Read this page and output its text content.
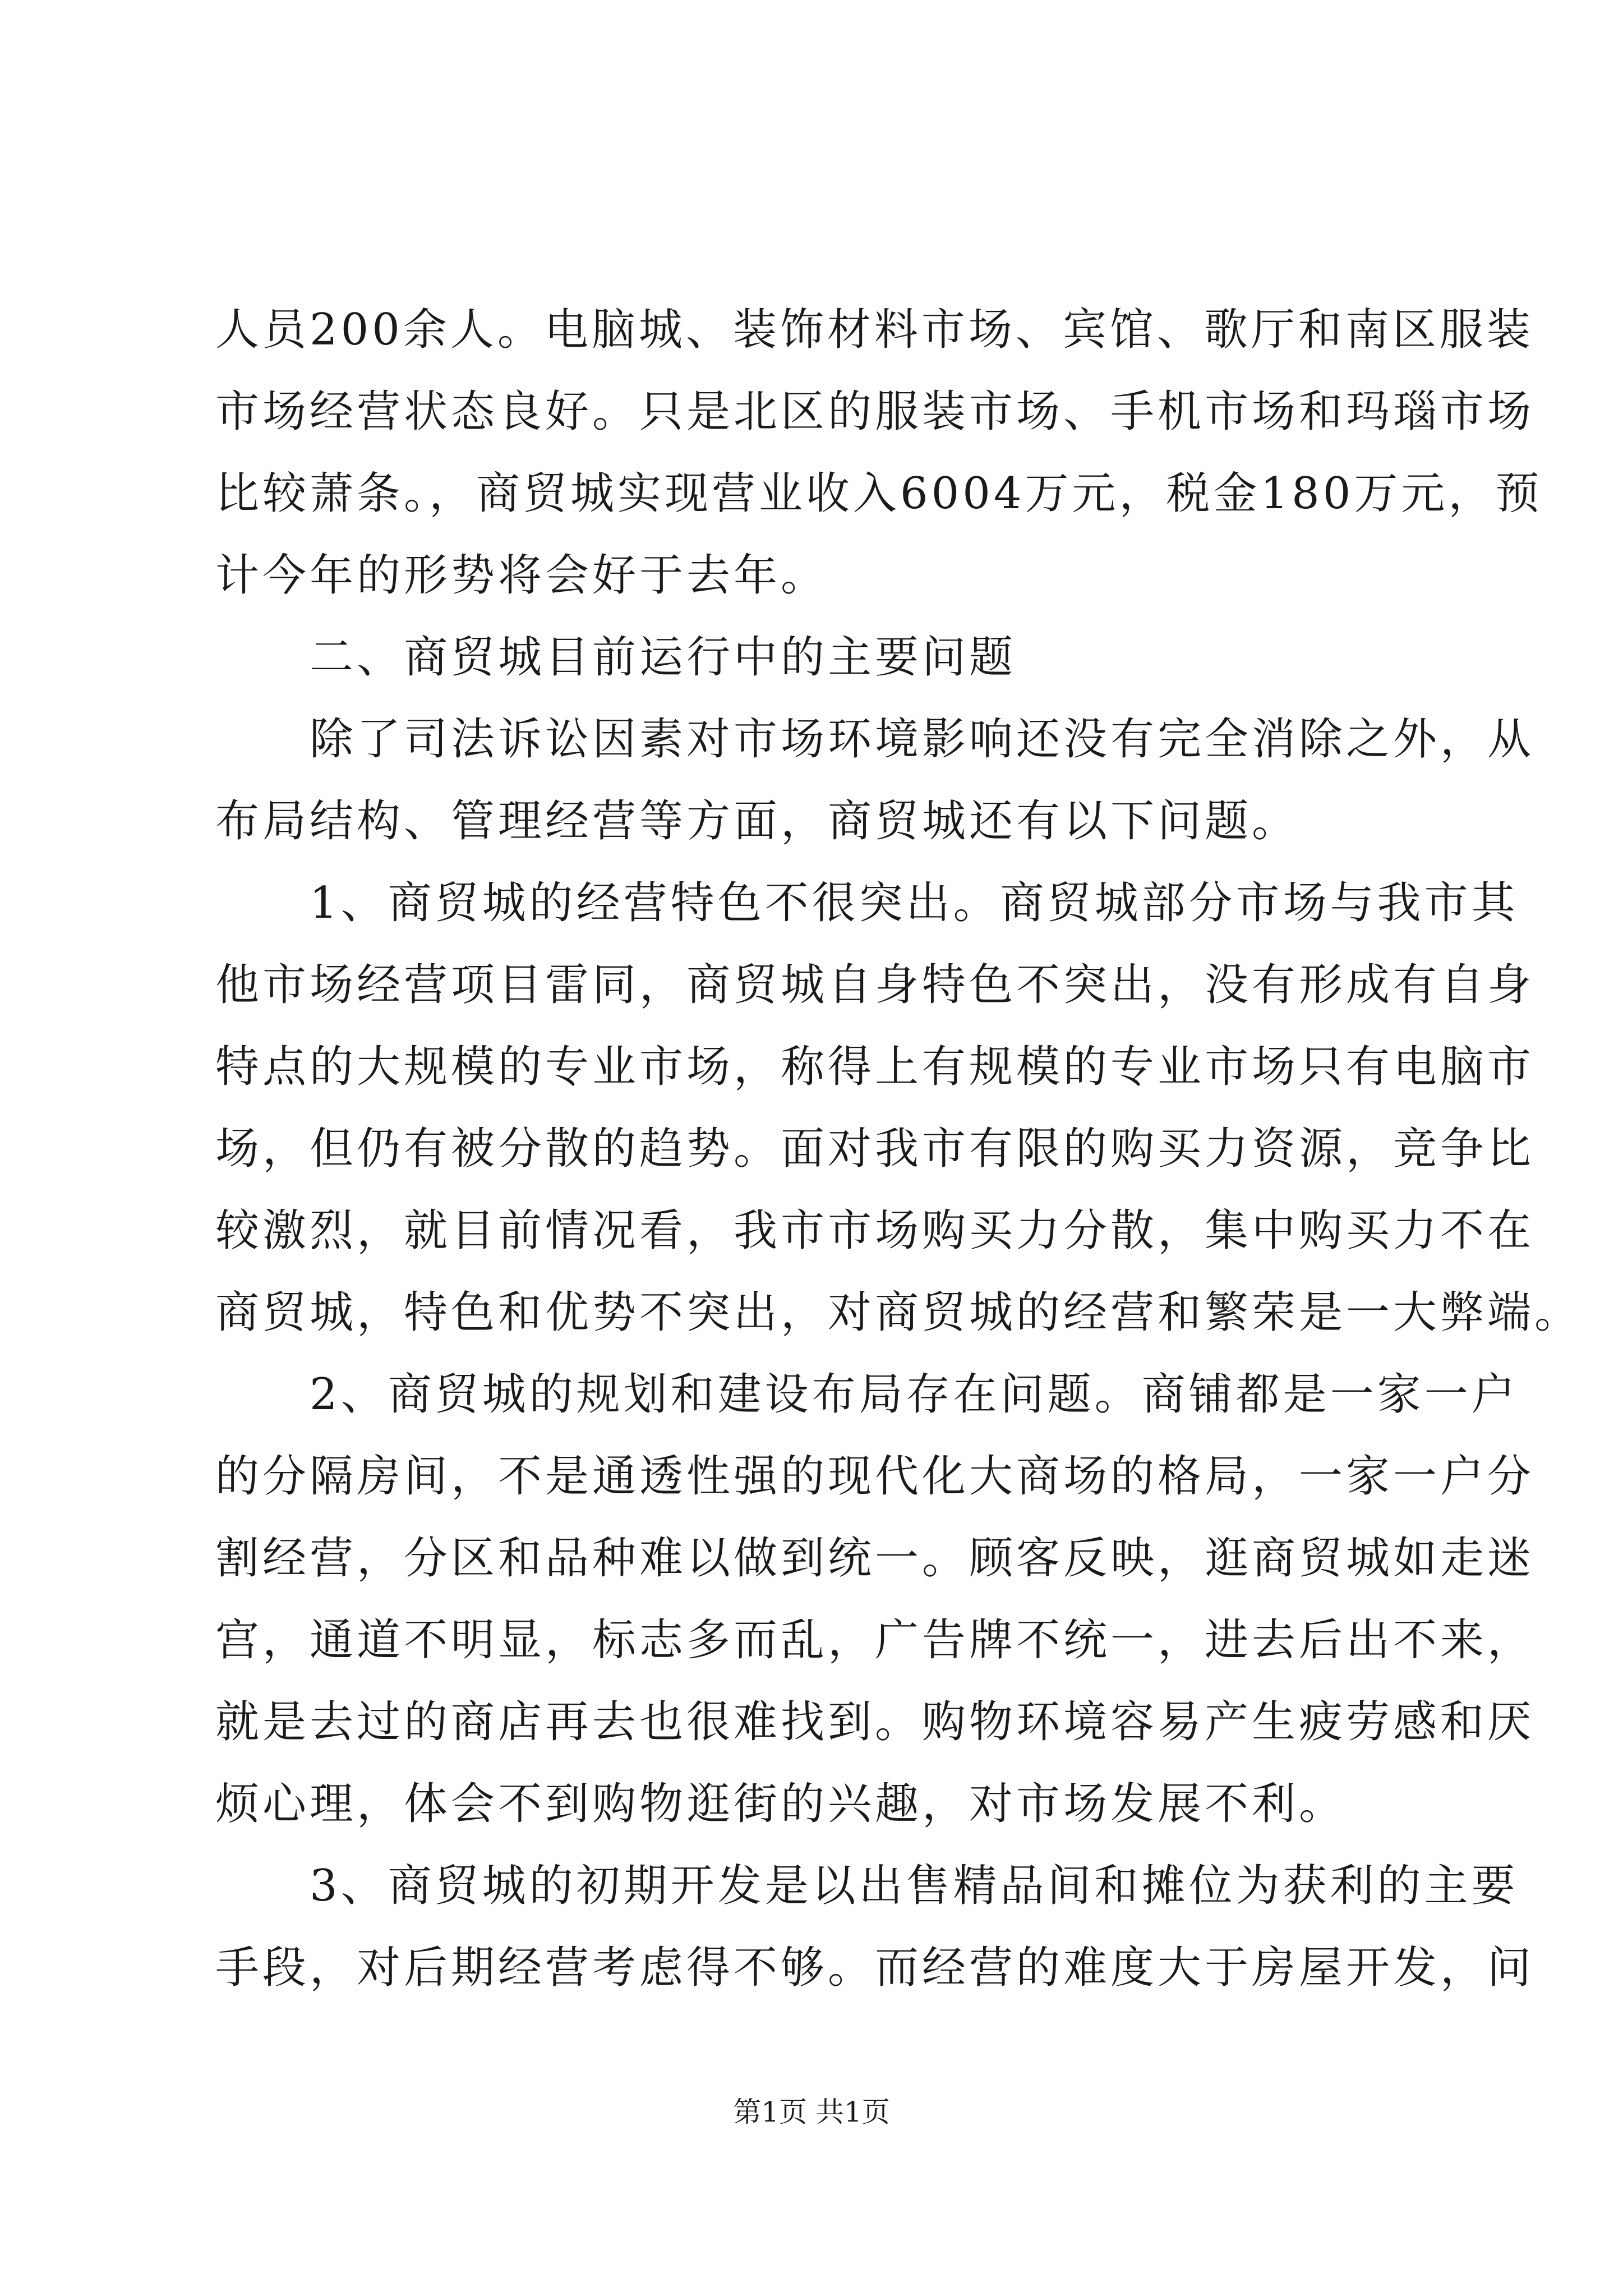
人员200余人。电脑城、装饰材料市场、宾馆、歌厅和南区服装
市场经营状态良好。只是北区的服装市场、手机市场和玛瑙市场
比较萧条。，商贸城实现营业收入6004万元，税金180万元，预
计今年的形势将会好于去年。
二、商贸城目前运行中的主要问题
除了司法诉讼因素对市场环境影响还没有完全消除之外，从
布局结构、管理经营等方面，商贸城还有以下问题。
1、商贸城的经营特色不很突出。商贸城部分市场与我市其
他市场经营项目雷同，商贸城自身特色不突出，没有形成有自身
特点的大规模的专业市场，称得上有规模的专业市场只有电脑市
场，但仍有被分散的趋势。面对我市有限的购买力资源，竞争比
较激烈，就目前情况看，我市市场购买力分散，集中购买力不在
商贸城，特色和优势不突出，对商贸城的经营和繁荣是一大弊端。
2、商贸城的规划和建设布局存在问题。商铺都是一家一户
的分隔房间，不是通透性强的现代化大商场的格局，一家一户分
割经营，分区和品种难以做到统一。顾客反映，逛商贸城如走迷
宫，通道不明显，标志多而乱，广告牌不统一，进去后出不来，
就是去过的商店再去也很难找到。购物环境容易产生疲劳感和厌
烦心理，体会不到购物逛街的兴趣，对市场发展不利。
3、商贸城的初期开发是以出售精品间和摊位为获利的主要
手段，对后期经营考虑得不够。而经营的难度大于房屋开发，问
第1页 共1页
